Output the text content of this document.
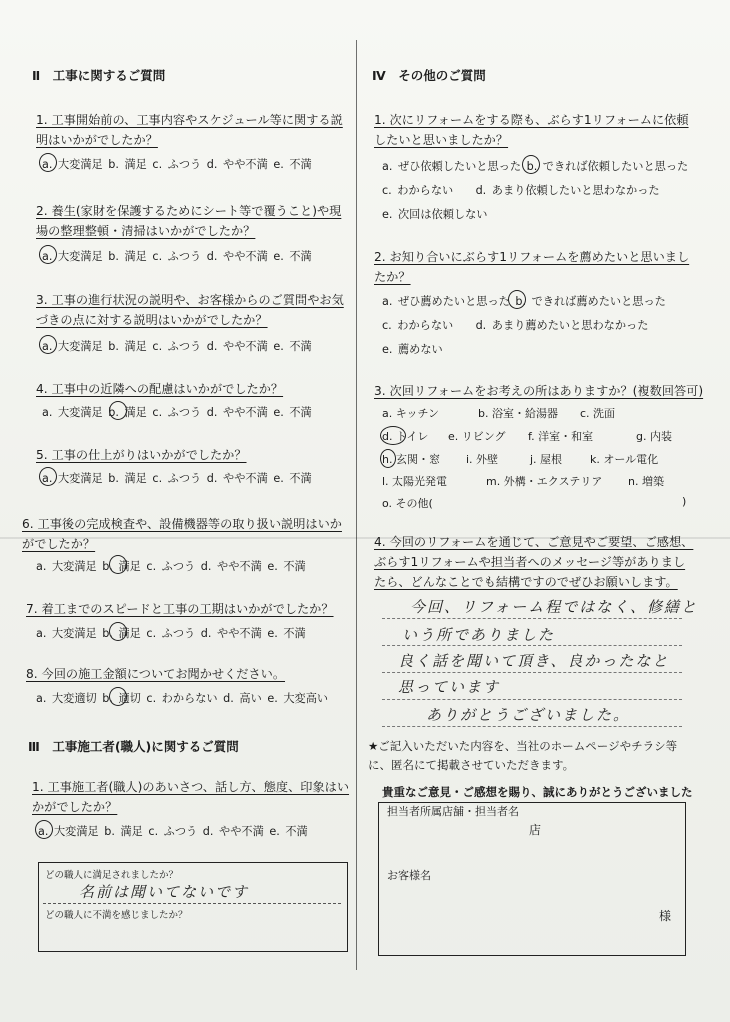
Ⅱ　工事に関するご質問
1. 工事開始前の、工事内容やスケジュール等に関する説明はいかがでしたか？
a. 大変満足 b. 満足 c. ふつう d. やや不満 e. 不満
2. 養生(家財を保護するためにシート等で覆うこと)や現場の整理整頓・清掃はいかがでしたか？
a. 大変満足 b. 満足 c. ふつう d. やや不満 e. 不満
3. 工事の進行状況の説明や、お客様からのご質問やお気づきの点に対する説明はいかがでしたか？
a. 大変満足 b. 満足 c. ふつう d. やや不満 e. 不満
4. 工事中の近隣への配慮はいかがでしたか？
a. 大変満足 b. 満足 c. ふつう d. やや不満 e. 不満
5. 工事の仕上がりはいかがでしたか？
a. 大変満足 b. 満足 c. ふつう d. やや不満 e. 不満
6. 工事後の完成検査や、設備機器等の取り扱い説明はいかがでしたか？
a. 大変満足 b. 満足 c. ふつう d. やや不満 e. 不満
7. 着工までのスピードと工事の工期はいかがでしたか？
a. 大変満足 b. 満足 c. ふつう d. やや不満 e. 不満
8. 今回の施工金額についてお聞かせください。
a. 大変適切 b. 適切 c. わからない d. 高い e. 大変高い
Ⅲ　工事施工者(職人)に関するご質問
1. 工事施工者(職人)のあいさつ、話し方、態度、印象はいかがでしたか？
a. 大変満足 b. 満足 c. ふつう d. やや不満 e. 不満
どの職人に満足されましたか？
名前は聞いてないです
どの職人に不満を感じましたか？
Ⅳ　その他のご質問
1. 次にリフォームをする際も、ぶらす1リフォームに依頼したいと思いましたか？
a. ぜひ依頼したいと思った b. できれば依頼したいと思った
c. わからない　　d. あまり依頼したいと思わなかった
e. 次回は依頼しない
2. お知り合いにぶらす1リフォームを薦めたいと思いましたか？
a. ぜひ薦めたいと思った b. できれば薦めたいと思った
c. わからない　　d. あまり薦めたいと思わなかった
e. 薦めない
3. 次回リフォームをお考えの所はありますか？(複数回答可)
a. キッチン	b. 浴室・給湯器 c. 洗面
d. トイレ e. リビング f. 洋室・和室	g. 内装
h. 玄関・窓 i. 外壁	j. 屋根	k. オール電化
l. 太陽光発電	m. 外構・エクステリア n. 増築
o. その他(	)
4. 今回のリフォームを通じて、ご意見やご要望、ご感想、ぶらす1リフォームや担当者へのメッセージ等がありましたら、どんなことでも結構ですのでぜひお願いします。
今回、リフォーム程ではなく、修繕と
いう所でありました
良く話を聞いて頂き、良かったなと
思っています
ありがとうございました。
★ご記入いただいた内容を、当社のホームページやチラシ等に、匿名にて掲載させていただきます。
貴重なご意見・ご感想を賜り、誠にありがとうございました
担当者所属店舗・担当者名
店
お客様名
様
